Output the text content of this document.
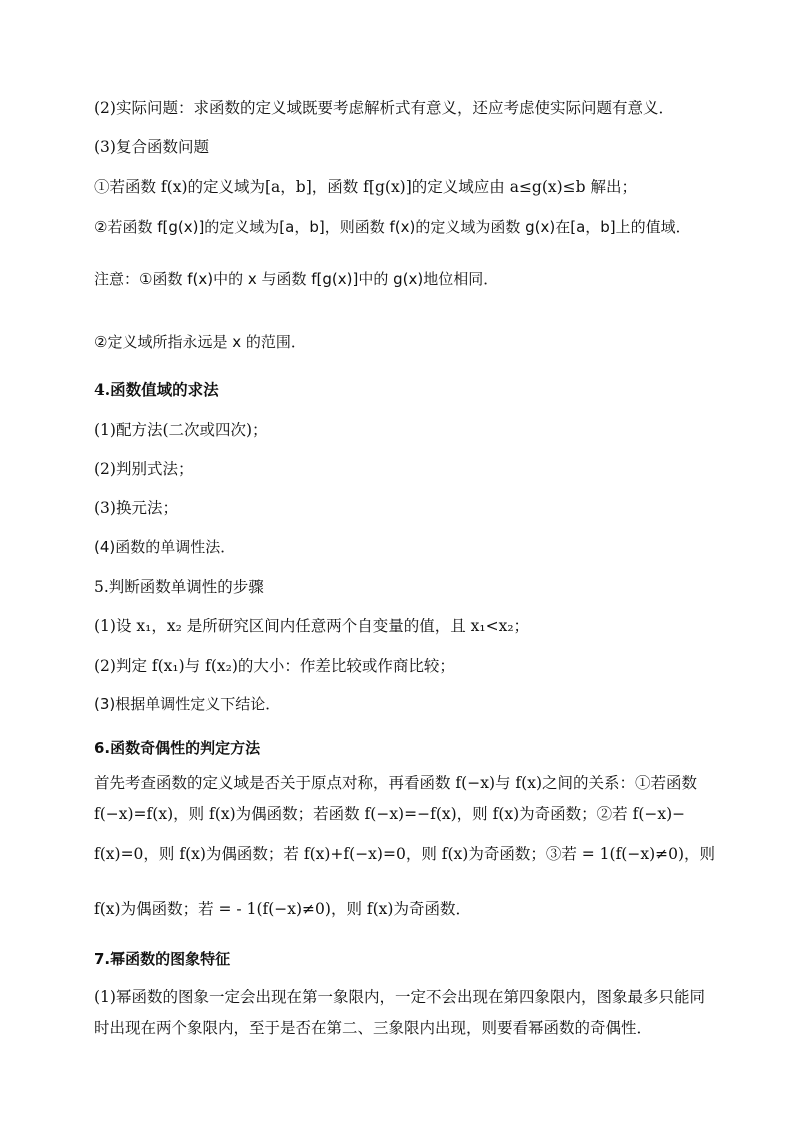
(2)实际问题：求函数的定义域既要考虑解析式有意义，还应考虑使实际问题有意义．
(3)复合函数问题
①若函数 f(x)的定义域为[a，b]，函数 f[g(x)]的定义域应由 a≤g(x)≤b 解出；
②若函数 f[g(x)]的定义域为[a，b]，则函数 f(x)的定义域为函数 g(x)在[a，b]上的值域．
注意：①函数 f(x)中的 x 与函数 f[g(x)]中的 g(x)地位相同．
②定义域所指永远是 x 的范围．
4.函数值域的求法
(1)配方法(二次或四次)；
(2)判别式法；
(3)换元法；
(4)函数的单调性法．
5.判断函数单调性的步骤
(1)设 x₁，x₂ 是所研究区间内任意两个自变量的值，且 x₁<x₂；
(2)判定 f(x₁)与 f(x₂)的大小：作差比较或作商比较；
(3)根据单调性定义下结论．
6.函数奇偶性的判定方法
首先考查函数的定义域是否关于原点对称，再看函数 f(−x)与 f(x)之间的关系：①若函数 f(−x)=f(x)，则 f(x)为偶函数；若函数 f(−x)=−f(x)，则 f(x)为奇函数；②若 f(−x)−
f(x)=0，则 f(x)为偶函数；若 f(x)+f(−x)=0，则 f(x)为奇函数；③若 = 1(f(−x)≠0)，则
f(x)为偶函数；若 = - 1(f(−x)≠0)，则 f(x)为奇函数．
7.幂函数的图象特征
(1)幂函数的图象一定会出现在第一象限内，一定不会出现在第四象限内，图象最多只能同时出现在两个象限内，至于是否在第二、三象限内出现，则要看幂函数的奇偶性．
